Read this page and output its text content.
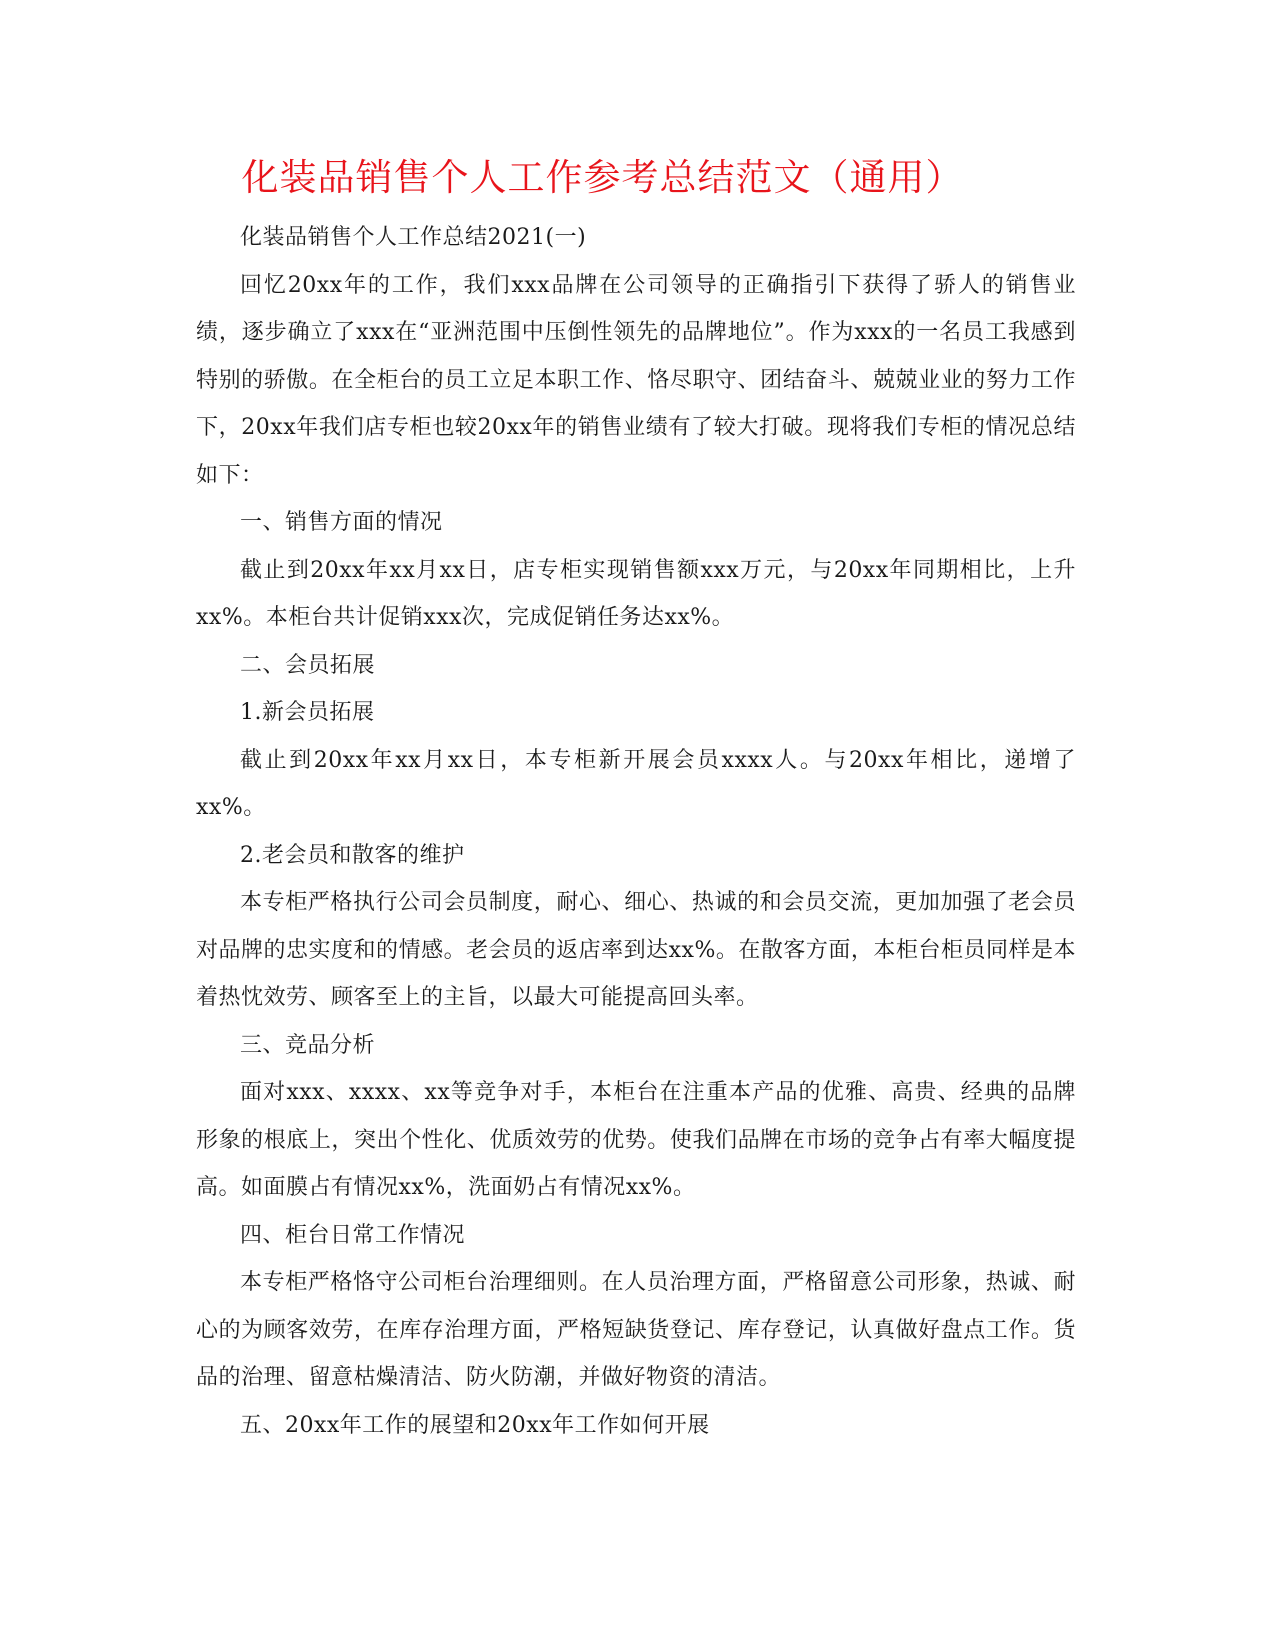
化装品销售个人工作参考总结范文（通用）

化装品销售个人工作总结2021(一)

回忆20xx年的工作，我们xxx品牌在公司领导的正确指引下获得了骄人的销售业绩，逐步确立了xxx在“亚洲范围中压倒性领先的品牌地位”。作为xxx的一名员工我感到特别的骄傲。在全柜台的员工立足本职工作、恪尽职守、团结奋斗、兢兢业业的努力工作下，20xx年我们店专柜也较20xx年的销售业绩有了较大打破。现将我们专柜的情况总结如下：

一、销售方面的情况

截止到20xx年xx月xx日，店专柜实现销售额xxx万元，与20xx年同期相比，上升xx%。本柜台共计促销xxx次，完成促销任务达xx%。

二、会员拓展

1.新会员拓展

截止到20xx年xx月xx日，本专柜新开展会员xxxx人。与20xx年相比，递增了xx%。

2.老会员和散客的维护

本专柜严格执行公司会员制度，耐心、细心、热诚的和会员交流，更加加强了老会员对品牌的忠实度和的情感。老会员的返店率到达xx%。在散客方面，本柜台柜员同样是本着热忱效劳、顾客至上的主旨，以最大可能提高回头率。

三、竞品分析

面对xxx、xxxx、xx等竞争对手，本柜台在注重本产品的优雅、高贵、经典的品牌形象的根底上，突出个性化、优质效劳的优势。使我们品牌在市场的竞争占有率大幅度提高。如面膜占有情况xx%，洗面奶占有情况xx%。

四、柜台日常工作情况

本专柜严格恪守公司柜台治理细则。在人员治理方面，严格留意公司形象，热诚、耐心的为顾客效劳，在库存治理方面，严格短缺货登记、库存登记，认真做好盘点工作。货品的治理、留意枯燥清洁、防火防潮，并做好物资的清洁。

五、20xx年工作的展望和20xx年工作如何开展
